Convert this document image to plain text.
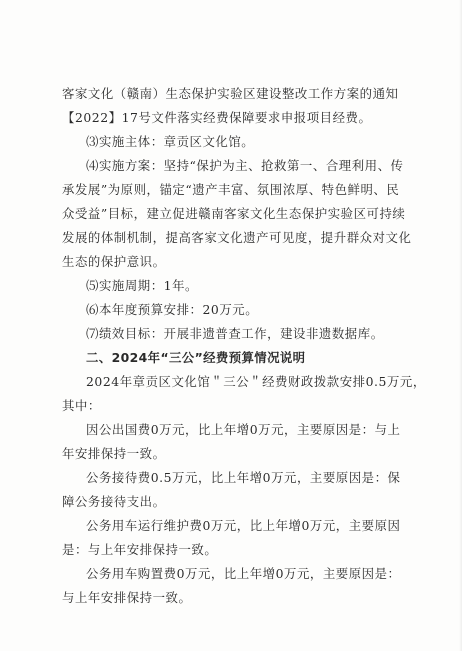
客家文化（赣南）生态保护实验区建设整改工作方案的通知
【2022】17号文件落实经费保障要求申报项目经费。
⑶实施主体：章贡区文化馆。
⑷实施方案：坚持“保护为主、抢救第一、合理利用、传
承发展”为原则，锚定“遗产丰富、氛围浓厚、特色鲜明、民
众受益”目标，建立促进赣南客家文化生态保护实验区可持续
发展的体制机制，提高客家文化遗产可见度，提升群众对文化
生态的保护意识。
⑸实施周期：1年。
⑹本年度预算安排：20万元。
⑺绩效目标：开展非遗普查工作，建设非遗数据库。
二、2024年“三公”经费预算情况说明
2024年章贡区文化馆＂三公＂经费财政拨款安排0.5万元，
其中：
因公出国费0万元，比上年增0万元，主要原因是：与上
年安排保持一致。
公务接待费0.5万元，比上年增0万元，主要原因是：保
障公务接待支出。
公务用车运行维护费0万元，比上年增0万元，主要原因
是：与上年安排保持一致。
公务用车购置费0万元，比上年增0万元，主要原因是：
与上年安排保持一致。
